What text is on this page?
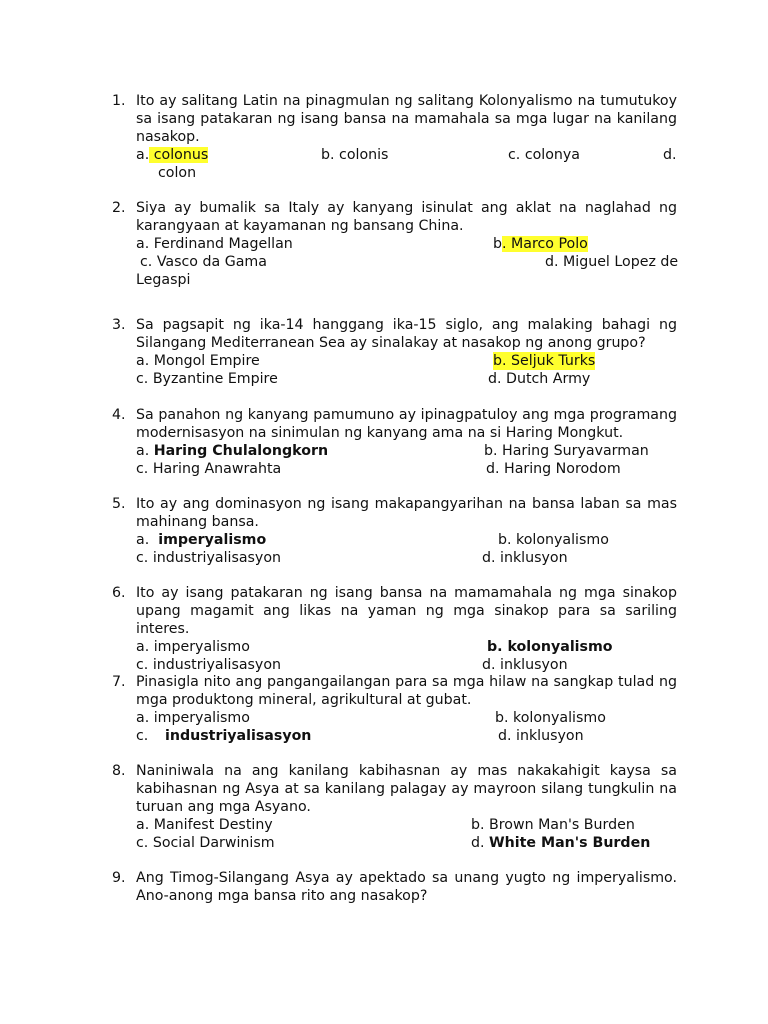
1. Ito ay salitang Latin na pinagmulan ng salitang Kolonyalismo na tumutukoy sa isang patakaran ng isang bansa na mamahala sa mga lugar na kanilang nasakop.
a. colonus	b. colonis	c. colonya	d.
colon
2. Siya ay bumalik sa Italy ay kanyang isinulat ang aklat na naglahad ng karangyaan at kayamanan ng bansang China.
a. Ferdinand Magellan	b. Marco Polo
c. Vasco da Gama	d. Miguel Lopez de
Legaspi
3. Sa pagsapit ng ika-14 hanggang ika-15 siglo, ang malaking bahagi ng Silangang Mediterranean Sea ay sinalakay at nasakop ng anong grupo?
a. Mongol Empire	b. Seljuk Turks
c. Byzantine Empire	d. Dutch Army
4. Sa panahon ng kanyang pamumuno ay ipinagpatuloy ang mga programang modernisasyon na sinimulan ng kanyang ama na si Haring Mongkut.
a. Haring Chulalongkorn	b. Haring Suryavarman
c. Haring Anawrahta	d. Haring Norodom
5. Ito ay ang dominasyon ng isang makapangyarihan na bansa laban sa mas mahinang bansa.
a. imperyalismo	b. kolonyalismo
c. industriyalisasyon	d. inklusyon
6. Ito ay isang patakaran ng isang bansa na mamamahala ng mga sinakop upang magamit ang likas na yaman ng mga sinakop para sa sariling interes.
a. imperyalismo	b. kolonyalismo
c. industriyalisasyon	d. inklusyon
7. Pinasigla nito ang pangangailangan para sa mga hilaw na sangkap tulad ng mga produktong mineral, agrikultural at gubat.
a. imperyalismo	b. kolonyalismo
c. industriyalisasyon	d. inklusyon
8. Naniniwala na ang kanilang kabihasnan ay mas nakakahigit kaysa sa kabihasnan ng Asya at sa kanilang palagay ay mayroon silang tungkulin na turuan ang mga Asyano.
a. Manifest Destiny	b. Brown Man's Burden
c. Social Darwinism	d. White Man's Burden
9. Ang Timog-Silangang Asya ay apektado sa unang yugto ng imperyalismo. Ano-anong mga bansa rito ang nasakop?
